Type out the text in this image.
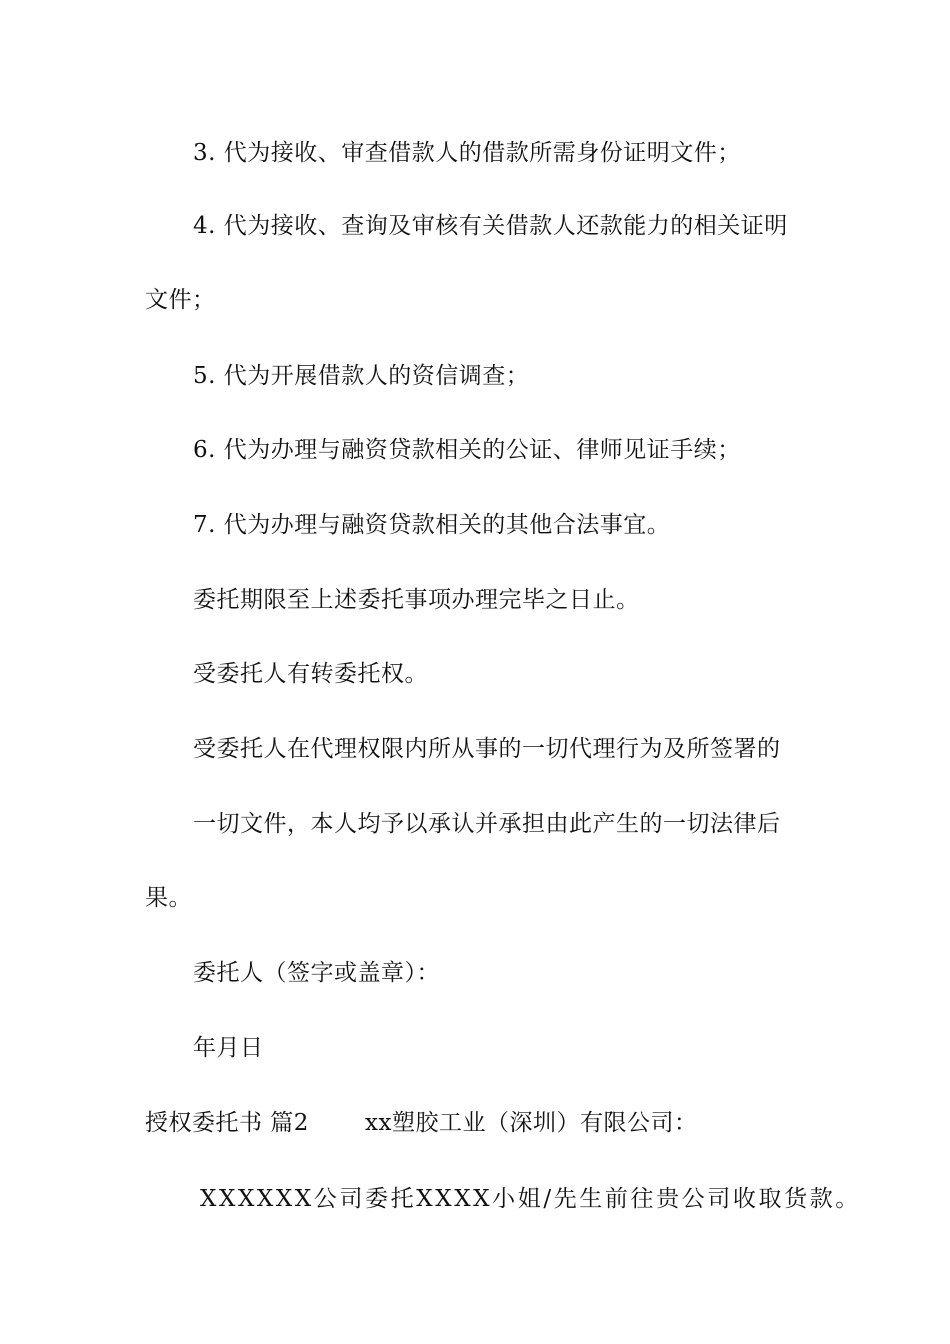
3. 代为接收、审查借款人的借款所需身份证明文件；
4. 代为接收、查询及审核有关借款人还款能力的相关证明
文件；
5. 代为开展借款人的资信调查；
6. 代为办理与融资贷款相关的公证、律师见证手续；
7. 代为办理与融资贷款相关的其他合法事宜。
委托期限至上述委托事项办理完毕之日止。
受委托人有转委托权。
受委托人在代理权限内所从事的一切代理行为及所签署的
一切文件，本人均予以承认并承担由此产生的一切法律后
果。
委托人（签字或盖章）：
年月日
授权委托书 篇2 xx塑胶工业（深圳）有限公司：
XXXXXX公司委托XXXX小姐/先生前往贵公司收取货款。
